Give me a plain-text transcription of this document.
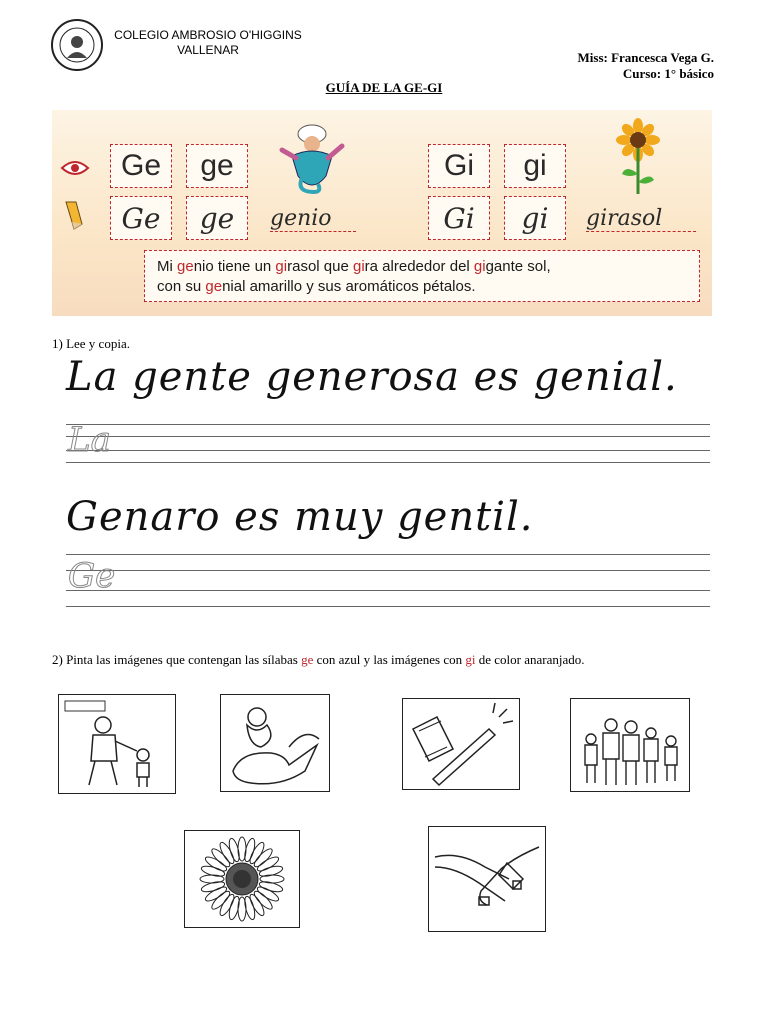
COLEGIO AMBROSIO O'HIGGINS
VALLENAR	Miss: Francesca Vega G.
Curso: 1° básico
GUÍA DE LA GE-GI
Ge	ge
Ge	ge	genio
Gi	gi
Gi	gi	girasol
Mi genio tiene un girasol que gira alrededor del gigante sol,
con su genial amarillo y sus aromáticos pétalos.
1) Lee y copia.
La gente generosa es genial.
La
Genaro es muy gentil.
Ge
2) Pinta las imágenes que contengan las sílabas ge con azul y las imágenes con gi de color anaranjado.
